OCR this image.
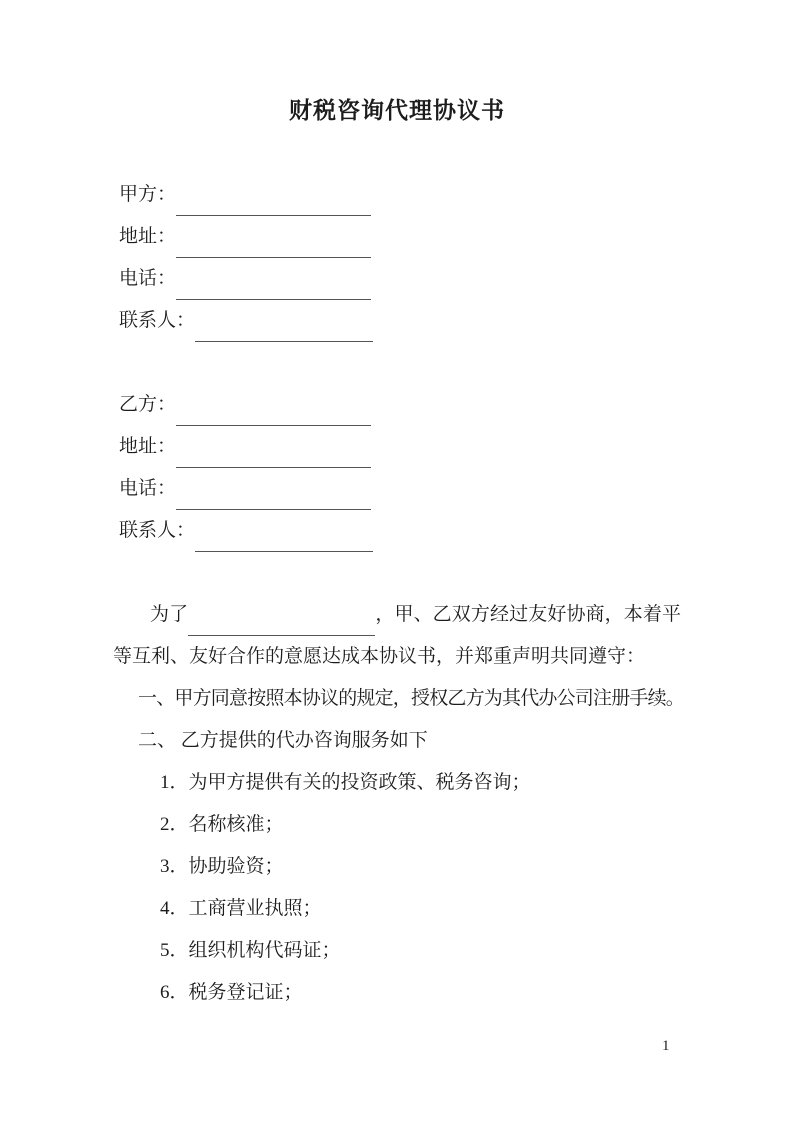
财税咨询代理协议书
甲方：
地址：
电话：
联系人：
乙方：
地址：
电话：
联系人：

为了	，甲、乙双方经过友好协商，本着平等互利、友好合作的意愿达成本协议书，并郑重声明共同遵守：

一、甲方同意按照本协议的规定，授权乙方为其代办公司注册手续。

二、 乙方提供的代办咨询服务如下

1．为甲方提供有关的投资政策、税务咨询；

2．名称核准；

3．协助验资；

4．工商营业执照；

5．组织机构代码证；

6．税务登记证；

1
